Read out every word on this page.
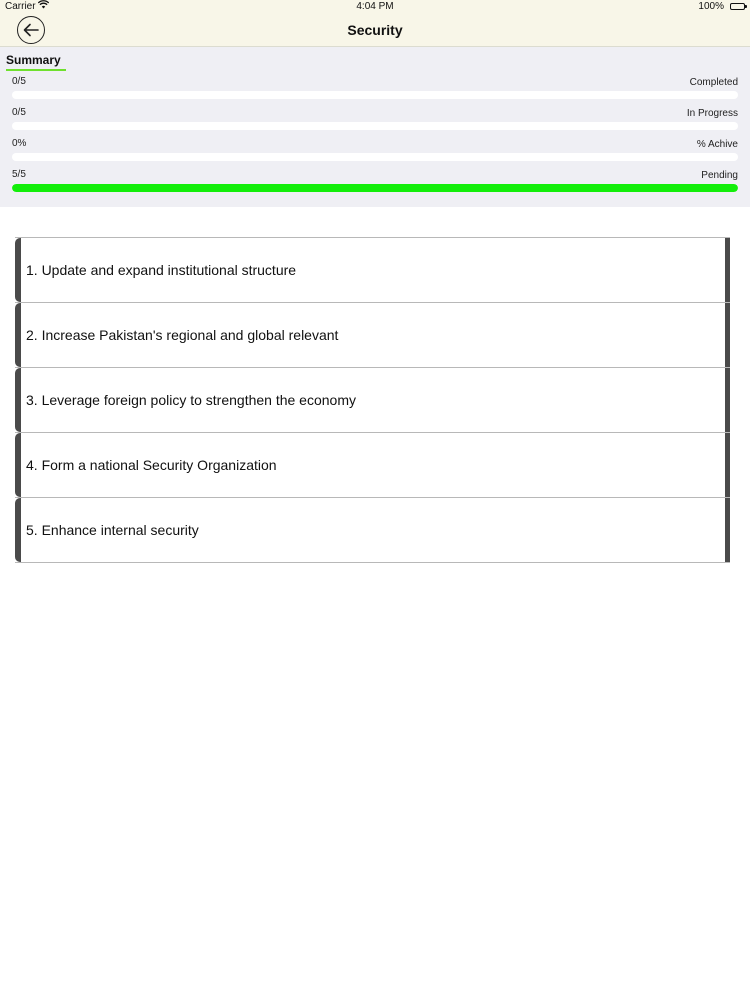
Carrier	4:04 PM	100%
Security
Summary
0/5	Completed
0/5	In Progress
0%	% Achive
5/5	Pending
1. Update and expand institutional structure
2. Increase Pakistan's regional and global relevant
3. Leverage foreign policy to strengthen the economy
4. Form a national Security Organization
5. Enhance internal security
